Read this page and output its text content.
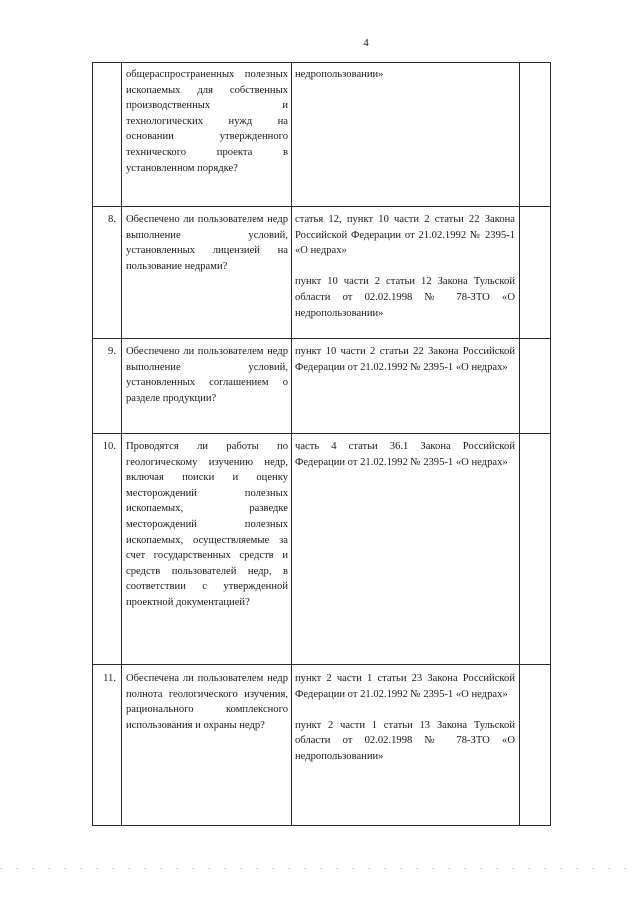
4

общераспространенных полезных ископаемых для собственных производственных и технологических нужд на основании утвержденного технического проекта в установленном порядке?

недропользовании»

8. Обеспечено ли пользователем недр выполнение условий, установленных лицензией на пользование недрами?

статья 12, пункт 10 части 2 статьи 22 Закона Российской Федерации от 21.02.1992 № 2395-1 «О недрах»

пункт 10 части 2 статьи 12 Закона Тульской области от 02.02.1998 № 78-ЗТО «О недропользовании»

9. Обеспечено ли пользователем недр выполнение условий, установленных соглашением о разделе продукции?

пункт 10 части 2 статьи 22 Закона Российской Федерации от 21.02.1992 № 2395-1 «О недрах»

10. Проводятся ли работы по геологическому изучению недр, включая поиски и оценку месторождений полезных ископаемых, разведке месторождений полезных ископаемых, осуществляемые за счет государственных средств и средств пользователей недр, в соответствии с утвержденной проектной документацией?

часть 4 статьи 36.1 Закона Российской Федерации от 21.02.1992 № 2395-1 «О недрах»

11. Обеспечена ли пользователем недр полнота геологического изучения, рационального комплексного использования и охраны недр?

пункт 2 части 1 статьи 23 Закона Российской Федерации от 21.02.1992 № 2395-1 «О недрах»

пункт 2 части 1 статьи 13 Закона Тульской области от 02.02.1998 № 78-ЗТО «О недропользовании»
